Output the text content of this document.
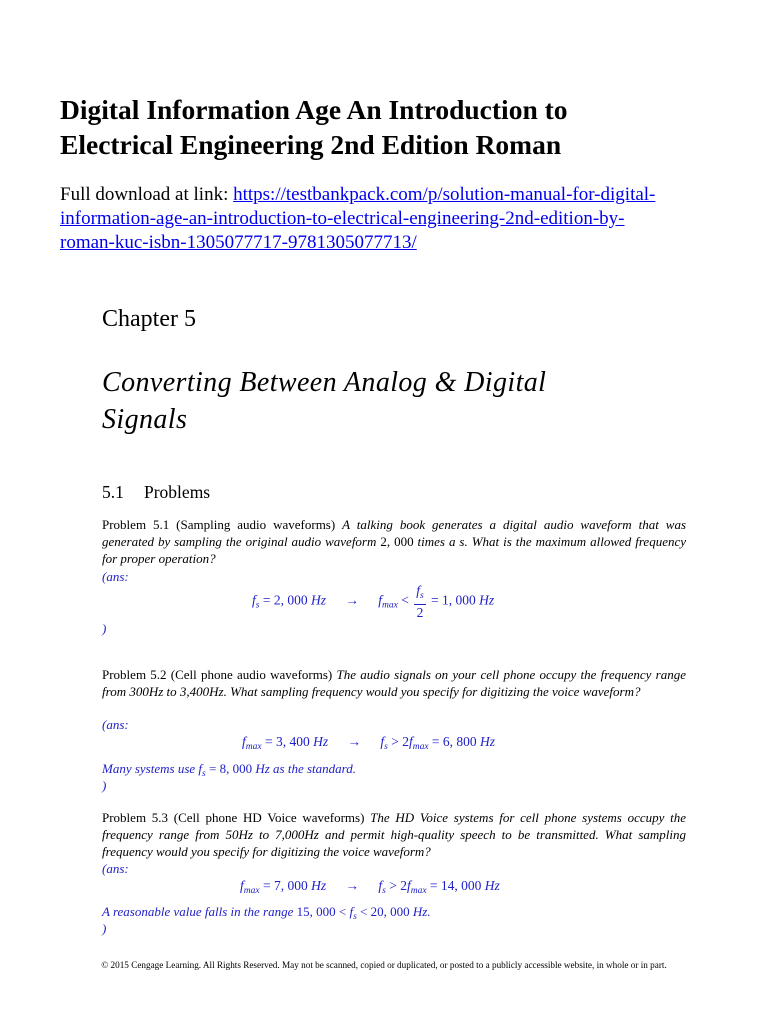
Digital Information Age An Introduction to
Electrical Engineering 2nd Edition Roman
Full download at link: https://testbankpack.com/p/solution-manual-for-digital-
information-age-an-introduction-to-electrical-engineering-2nd-edition-by-
roman-kuc-isbn-1305077717-9781305077713/
Chapter 5
Converting Between Analog & Digital
Signals
5.1 Problems
Problem 5.1 (Sampling audio waveforms) A talking book generates a digital audio waveform that was generated by sampling the original audio waveform 2, 000 times a s. What is the maximum allowed frequency for proper operation?
(ans:
$f_s = 2$, 000 $Hz \to f_{max} < \frac{f_s}{2} = 1$, 000 Hz
)
Problem 5.2 (Cell phone audio waveforms) The audio signals on your cell phone occupy the frequency range from 300Hz to 3,400Hz. What sampling frequency would you specify for digitizing the voice waveform?
(ans:
$f_{max} = 3$, 400 $Hz \to f_s > 2f_{max} = 6$, 800 Hz
Many systems use $f_s = 8$, 000 Hz as the standard.
)
Problem 5.3 (Cell phone HD Voice waveforms) The HD Voice systems for cell phone systems occupy the frequency range from 50Hz to 7,000Hz and permit high-quality speech to be transmitted. What sampling frequency would you specify for digitizing the voice waveform?
(ans:
$f_{max} = 7$, 000 $Hz \to f_s > 2f_{max} = 14$, 000 Hz
A reasonable value falls in the range 15, $000 < f_s < 20$, 000 Hz.
)
© 2015 Cengage Learning. All Rights Reserved. May not be scanned, copied or duplicated, or posted to a publicly accessible website, in whole or in part.
